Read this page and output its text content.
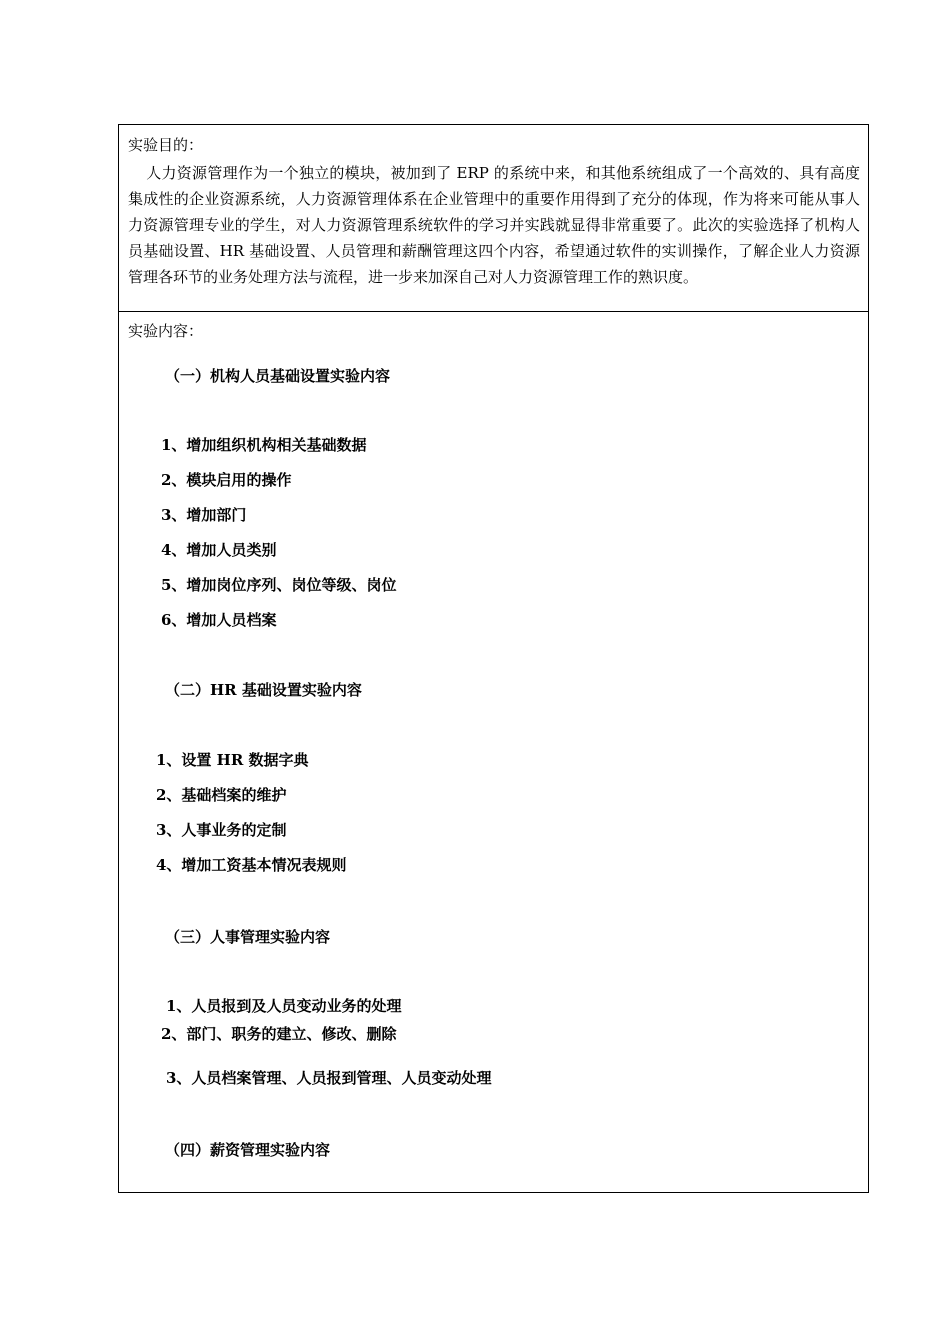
实验目的：
人力资源管理作为一个独立的模块，被加到了 ERP 的系统中来，和其他系统组成了一个高效的、具有高度集成性的企业资源系统，人力资源管理体系在企业管理中的重要作用得到了充分的体现，作为将来可能从事人力资源管理专业的学生，对人力资源管理系统软件的学习并实践就显得非常重要了。此次的实验选择了机构人员基础设置、HR 基础设置、人员管理和薪酬管理这四个内容，希望通过软件的实训操作，了解企业人力资源管理各环节的业务处理方法与流程，进一步来加深自己对人力资源管理工作的熟识度。
实验内容：
（一）机构人员基础设置实验内容
1、增加组织机构相关基础数据
2、模块启用的操作
3、增加部门
4、增加人员类别
5、增加岗位序列、岗位等级、岗位
6、增加人员档案
（二）HR 基础设置实验内容
1、设置 HR 数据字典
2、基础档案的维护
3、人事业务的定制
4、增加工资基本情况表规则
（三）人事管理实验内容
1、人员报到及人员变动业务的处理
2、部门、职务的建立、修改、删除
3、人员档案管理、人员报到管理、人员变动处理
（四）薪资管理实验内容
